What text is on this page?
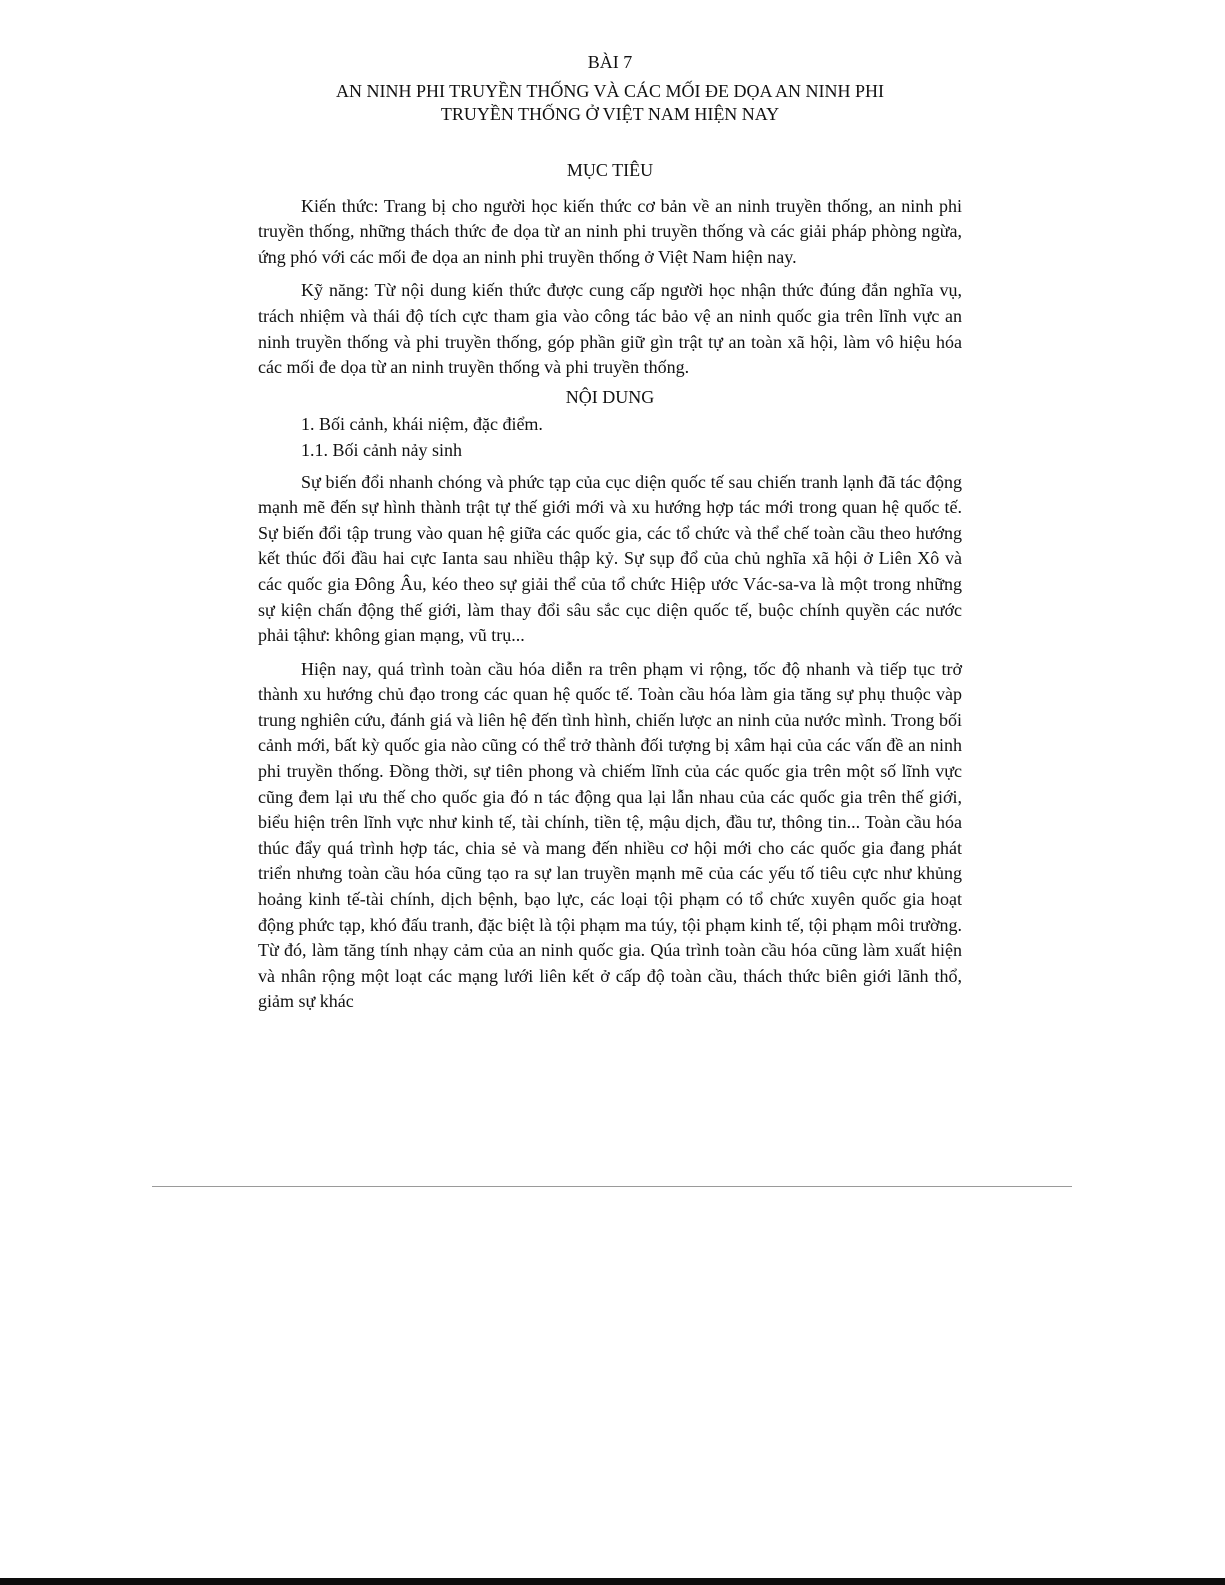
BÀI 7

AN NINH PHI TRUYỀN THỐNG VÀ CÁC MỐI ĐE DỌA AN NINH PHI
TRUYỀN THỐNG Ở VIỆT NAM HIỆN NAY
MỤC TIÊU

Kiến thức: Trang bị cho người học kiến thức cơ bản về an ninh truyền thống, an ninh phi truyền thống, những thách thức đe dọa từ an ninh phi truyền thống và các giải pháp phòng ngừa, ứng phó với các mối đe dọa an ninh phi truyền thống ở Việt Nam hiện nay.

Kỹ năng: Từ nội dung kiến thức được cung cấp người học nhận thức đúng đắn nghĩa vụ, trách nhiệm và thái độ tích cực tham gia vào công tác bảo vệ an ninh quốc gia trên lĩnh vực an ninh truyền thống và phi truyền thống, góp phần giữ gìn trật tự an toàn xã hội, làm vô hiệu hóa các mối đe dọa từ an ninh truyền thống và phi truyền thống.

NỘI DUNG

1. Bối cảnh, khái niệm, đặc điểm.

1.1. Bối cảnh nảy sinh

Sự biến đổi nhanh chóng và phức tạp của cục diện quốc tế sau chiến tranh lạnh đã tác động mạnh mẽ đến sự hình thành trật tự thế giới mới và xu hướng hợp tác mới trong quan hệ quốc tế. Sự biến đổi tập trung vào quan hệ giữa các quốc gia, các tổ chức và thể chế toàn cầu theo hướng kết thúc đối đầu hai cực Ianta sau nhiều thập kỷ. Sự sụp đổ của chủ nghĩa xã hội ở Liên Xô và các quốc gia Đông Âu, kéo theo sự giải thể của tổ chức Hiệp ước Vác-sa-va là một trong những sự kiện chấn động thế giới, làm thay đổi sâu sắc cục diện quốc tế, buộc chính quyền các nước phải tậhư: không gian mạng, vũ trụ...

Hiện nay, quá trình toàn cầu hóa diễn ra trên phạm vi rộng, tốc độ nhanh và tiếp tục trở thành xu hướng chủ đạo trong các quan hệ quốc tế. Toàn cầu hóa làm gia tăng sự phụ thuộc vàp trung nghiên cứu, đánh giá và liên hệ đến tình hình, chiến lược an ninh của nước mình. Trong bối cảnh mới, bất kỳ quốc gia nào cũng có thể trở thành đối tượng bị xâm hại của các vấn đề an ninh phi truyền thống. Đồng thời, sự tiên phong và chiếm lĩnh của các quốc gia trên một số lĩnh vực cũng đem lại ưu thế cho quốc gia đó n tác động qua lại lẫn nhau của các quốc gia trên thế giới, biểu hiện trên lĩnh vực như kinh tế, tài chính, tiền tệ, mậu dịch, đầu tư, thông tin... Toàn cầu hóa thúc đẩy quá trình hợp tác, chia sẻ và mang đến nhiều cơ hội mới cho các quốc gia đang phát triển nhưng toàn cầu hóa cũng tạo ra sự lan truyền mạnh mẽ của các yếu tố tiêu cực như khủng hoảng kinh tế-tài chính, dịch bệnh, bạo lực, các loại tội phạm có tổ chức xuyên quốc gia hoạt động phức tạp, khó đấu tranh, đặc biệt là tội phạm ma túy, tội phạm kinh tế, tội phạm môi trường. Từ đó, làm tăng tính nhạy cảm của an ninh quốc gia. Qúa trình toàn cầu hóa cũng làm xuất hiện và nhân rộng một loạt các mạng lưới liên kết ở cấp độ toàn cầu, thách thức biên giới lãnh thổ, giảm sự khác
